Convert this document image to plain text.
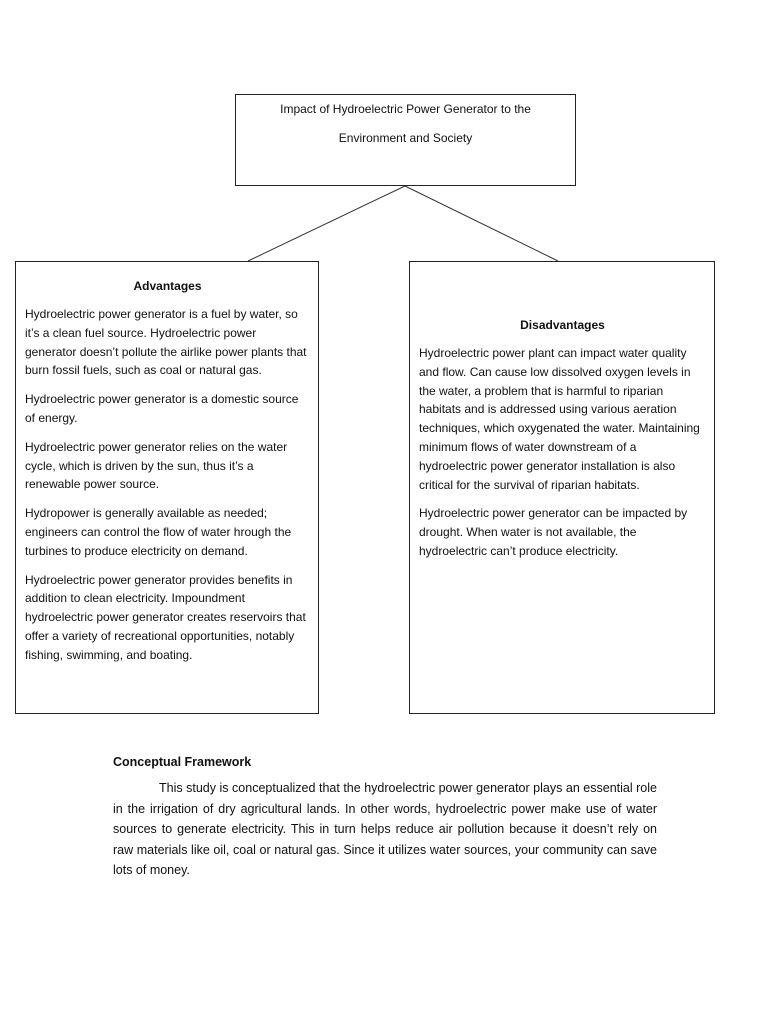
Impact of Hydroelectric Power Generator to the
Environment and Society
Advantages

Hydroelectric power generator is a fuel by water, so it’s a clean fuel source. Hydroelectric power generator doesn’t pollute the airlike power plants that burn fossil fuels, such as coal or natural gas.

Hydroelectric power generator is a domestic source of energy.

Hydroelectric power generator relies on the water cycle, which is driven by the sun, thus it’s a renewable power source.

Hydropower is generally available as needed; engineers can control the flow of water hrough the turbines to produce electricity on demand.

Hydroelectric power generator provides benefits in addition to clean electricity. Impoundment hydroelectric power generator creates reservoirs that offer a variety of recreational opportunities, notably fishing, swimming, and boating.

Disadvantages

Hydroelectric power plant can impact water quality and flow. Can cause low dissolved oxygen levels in the water, a problem that is harmful to riparian habitats and is addressed using various aeration techniques, which oxygenated the water. Maintaining minimum flows of water downstream of a hydroelectric power generator installation is also critical for the survival of riparian habitats.

Hydroelectric power generator can be impacted by drought. When water is not available, the hydroelectric can’t produce electricity.

Conceptual Framework

This study is conceptualized that the hydroelectric power generator plays an essential role in the irrigation of dry agricultural lands. In other words, hydroelectric power make use of water sources to generate electricity. This in turn helps reduce air pollution because it doesn’t rely on raw materials like oil, coal or natural gas. Since it utilizes water sources, your community can save lots of money.
